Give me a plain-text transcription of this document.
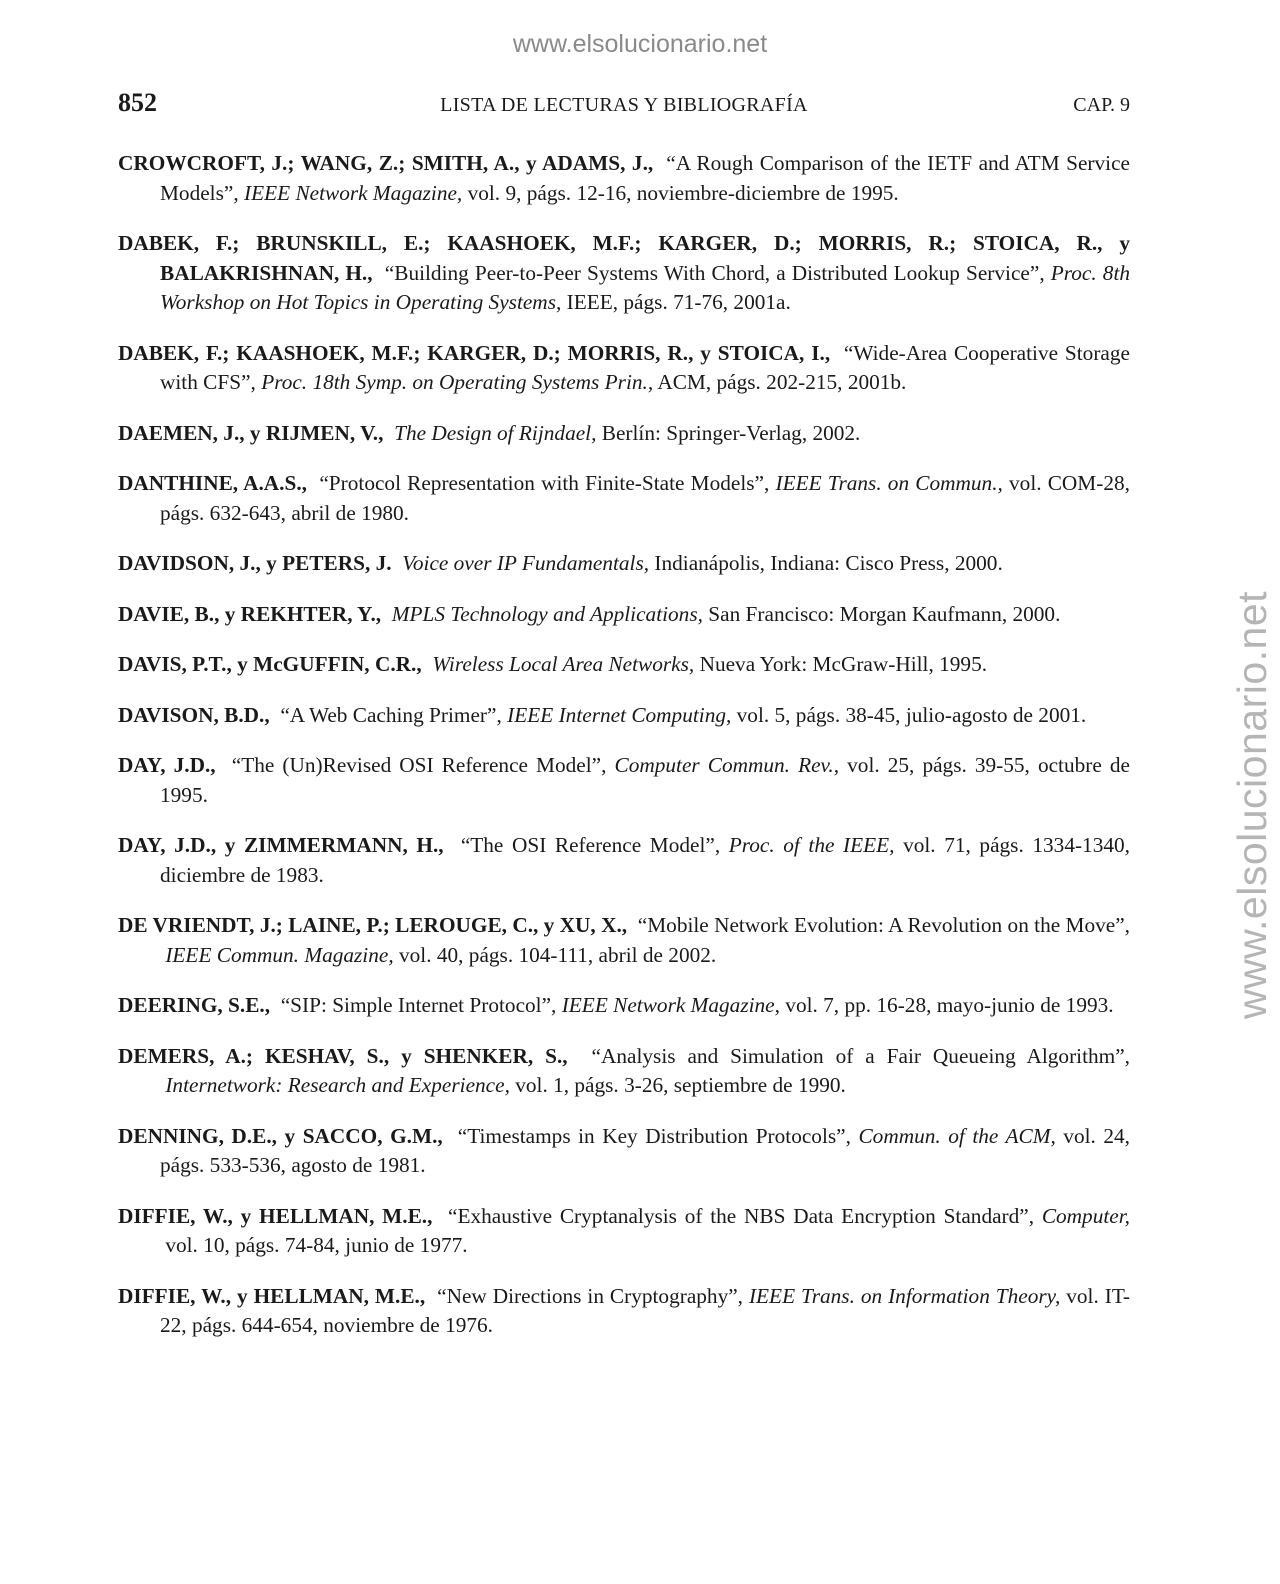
www.elsolucionario.net
www.elsolucionario.net
852	LISTA DE LECTURAS Y BIBLIOGRAFÍA	CAP. 9

CROWCROFT, J.; WANG, Z.; SMITH, A., y ADAMS, J., “A Rough Comparison of the IETF and ATM Service Models”, IEEE Network Magazine, vol. 9, págs. 12-16, noviembre-diciembre de 1995.

DABEK, F.; BRUNSKILL, E.; KAASHOEK, M.F.; KARGER, D.; MORRIS, R.; STOICA, R., y BALAKRISHNAN, H., “Building Peer-to-Peer Systems With Chord, a Distributed Lookup Service”, Proc. 8th Workshop on Hot Topics in Operating Systems, IEEE, págs. 71-76, 2001a.

DABEK, F.; KAASHOEK, M.F.; KARGER, D.; MORRIS, R., y STOICA, I., “Wide-Area Cooperative Storage with CFS”, Proc. 18th Symp. on Operating Systems Prin., ACM, págs. 202-215, 2001b.

DAEMEN, J., y RIJMEN, V., The Design of Rijndael, Berlín: Springer-Verlag, 2002.

DANTHINE, A.A.S., “Protocol Representation with Finite-State Models”, IEEE Trans. on Commun., vol. COM-28, págs. 632-643, abril de 1980.

DAVIDSON, J., y PETERS, J. Voice over IP Fundamentals, Indianápolis, Indiana: Cisco Press, 2000.

DAVIE, B., y REKHTER, Y., MPLS Technology and Applications, San Francisco: Morgan Kaufmann, 2000.

DAVIS, P.T., y McGUFFIN, C.R., Wireless Local Area Networks, Nueva York: McGraw-Hill, 1995.

DAVISON, B.D., “A Web Caching Primer”, IEEE Internet Computing, vol. 5, págs. 38-45, julio-agosto de 2001.

DAY, J.D., “The (Un)Revised OSI Reference Model”, Computer Commun. Rev., vol. 25, págs. 39-55, octubre de 1995.

DAY, J.D., y ZIMMERMANN, H., “The OSI Reference Model”, Proc. of the IEEE, vol. 71, págs. 1334-1340, diciembre de 1983.

DE VRIENDT, J.; LAINE, P.; LEROUGE, C., y XU, X., “Mobile Network Evolution: A Revolution on the Move”, IEEE Commun. Magazine, vol. 40, págs. 104-111, abril de 2002.

DEERING, S.E., “SIP: Simple Internet Protocol”, IEEE Network Magazine, vol. 7, pp. 16-28, mayo-junio de 1993.

DEMERS, A.; KESHAV, S., y SHENKER, S., “Analysis and Simulation of a Fair Queueing Algorithm”, Internetwork: Research and Experience, vol. 1, págs. 3-26, septiembre de 1990.

DENNING, D.E., y SACCO, G.M., “Timestamps in Key Distribution Protocols”, Commun. of the ACM, vol. 24, págs. 533-536, agosto de 1981.

DIFFIE, W., y HELLMAN, M.E., “Exhaustive Cryptanalysis of the NBS Data Encryption Standard”, Computer, vol. 10, págs. 74-84, junio de 1977.

DIFFIE, W., y HELLMAN, M.E., “New Directions in Cryptography”, IEEE Trans. on Information Theory, vol. IT-22, págs. 644-654, noviembre de 1976.
